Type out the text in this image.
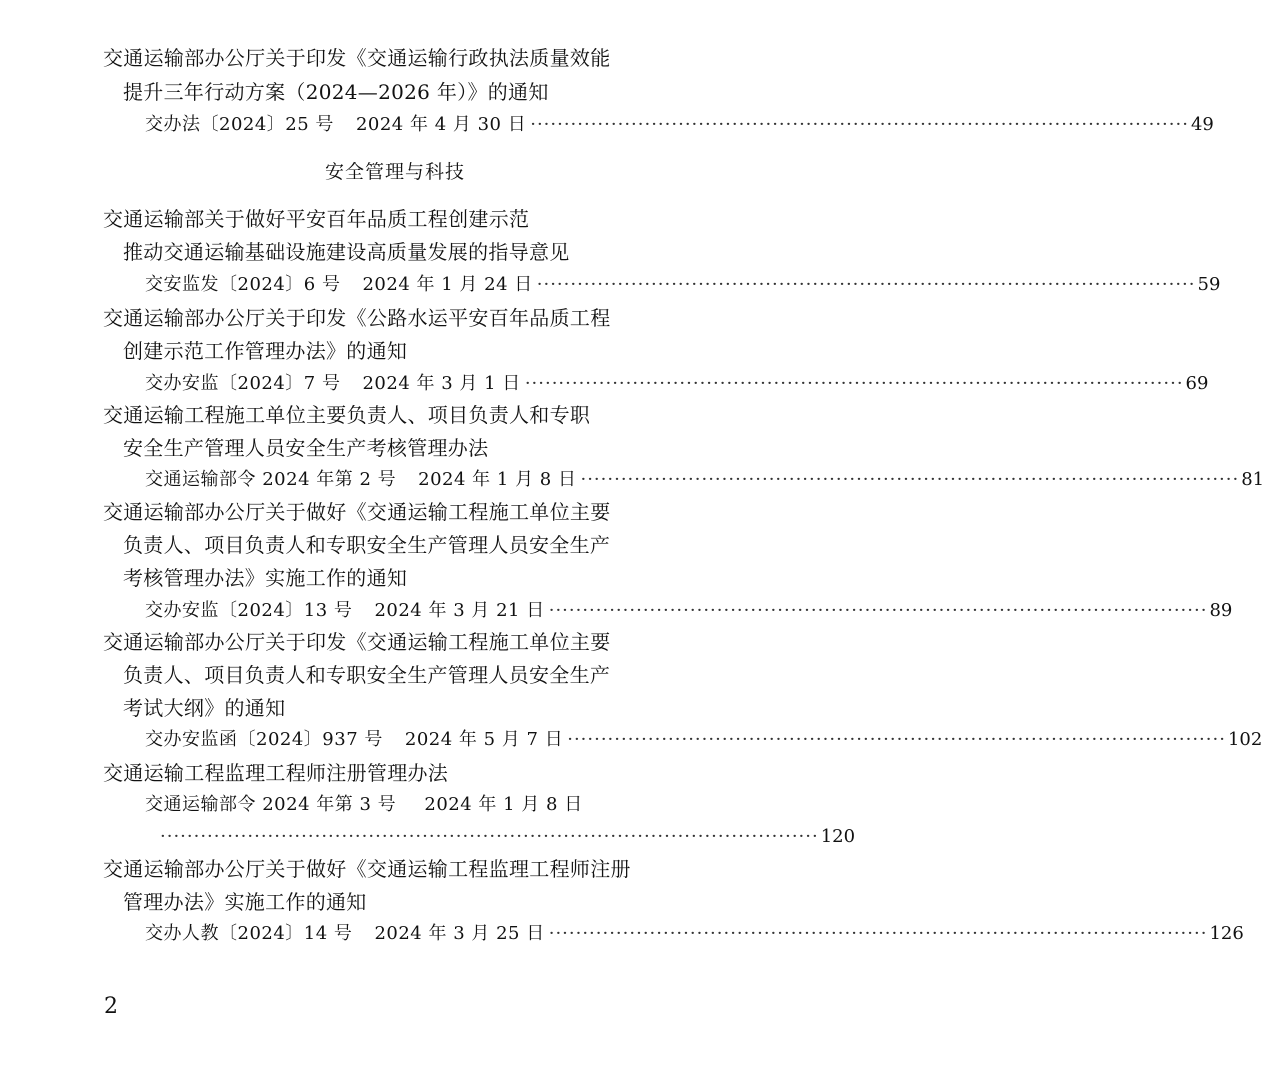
交通运输部办公厅关于印发《交通运输行政执法质量效能
提升三年行动方案（2024—2026 年）》的通知
交办法〔2024〕25 号 2024 年 4 月 30 日 ·································································································· 49
安全管理与科技
交通运输部关于做好平安百年品质工程创建示范
推动交通运输基础设施建设高质量发展的指导意见
交安监发〔2024〕6 号 2024 年 1 月 24 日 ·································································································· 59
交通运输部办公厅关于印发《公路水运平安百年品质工程
创建示范工作管理办法》的通知
交办安监〔2024〕7 号 2024 年 3 月 1 日 ·································································································· 69
交通运输工程施工单位主要负责人、项目负责人和专职
安全生产管理人员安全生产考核管理办法
交通运输部令 2024 年第 2 号 2024 年 1 月 8 日 ·································································································· 81
交通运输部办公厅关于做好《交通运输工程施工单位主要
负责人、项目负责人和专职安全生产管理人员安全生产
考核管理办法》实施工作的通知
交办安监〔2024〕13 号 2024 年 3 月 21 日 ·································································································· 89
交通运输部办公厅关于印发《交通运输工程施工单位主要
负责人、项目负责人和专职安全生产管理人员安全生产
考试大纲》的通知
交办安监函〔2024〕937 号 2024 年 5 月 7 日 ·································································································· 102
交通运输工程监理工程师注册管理办法
交通运输部令 2024 年第 3 号 2024 年 1 月 8 日
·································································································· 120
交通运输部办公厅关于做好《交通运输工程监理工程师注册
管理办法》实施工作的通知
交办人教〔2024〕14 号 2024 年 3 月 25 日 ·································································································· 126
2
